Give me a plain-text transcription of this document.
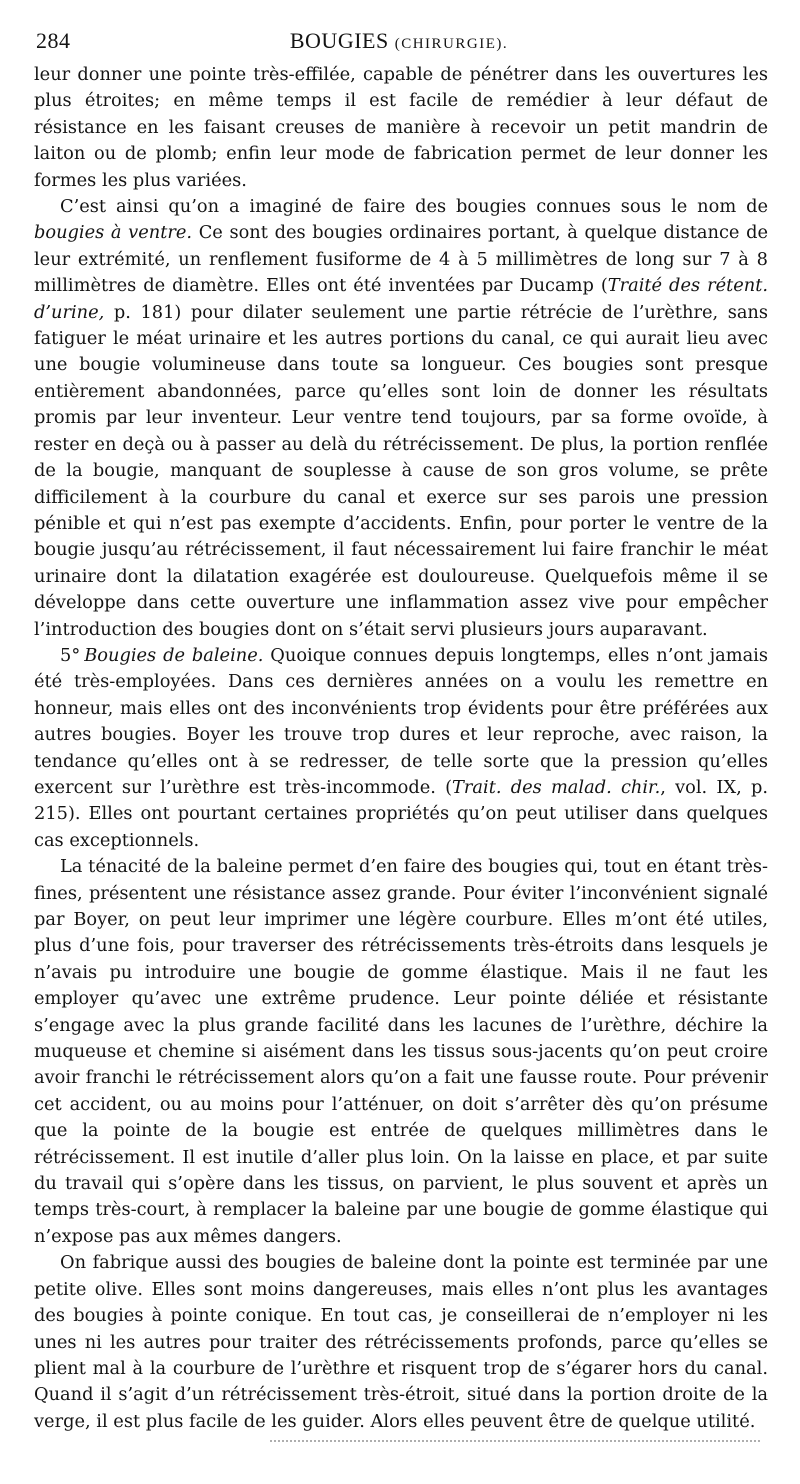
284	BOUGIES (CHIRURGIE).

leur donner une pointe très-effilée, capable de pénétrer dans les ouvertures les plus étroites; en même temps il est facile de remédier à leur défaut de résistance en les faisant creuses de manière à recevoir un petit mandrin de laiton ou de plomb; enfin leur mode de fabrication permet de leur donner les formes les plus variées.

C’est ainsi qu’on a imaginé de faire des bougies connues sous le nom de bougies à ventre. Ce sont des bougies ordinaires portant, à quelque distance de leur extrémité, un renflement fusiforme de 4 à 5 millimètres de long sur 7 à 8 millimètres de diamètre. Elles ont été inventées par Ducamp (Traité des rétent. d’urine, p. 181) pour dilater seulement une partie rétrécie de l’urèthre, sans fatiguer le méat urinaire et les autres portions du canal, ce qui aurait lieu avec une bougie volumineuse dans toute sa longueur. Ces bougies sont presque entièrement abandonnées, parce qu’elles sont loin de donner les résultats promis par leur inventeur. Leur ventre tend toujours, par sa forme ovoïde, à rester en deçà ou à passer au delà du rétrécissement. De plus, la portion renflée de la bougie, manquant de souplesse à cause de son gros volume, se prête difficilement à la courbure du canal et exerce sur ses parois une pression pénible et qui n’est pas exempte d’accidents. Enfin, pour porter le ventre de la bougie jusqu’au rétrécissement, il faut nécessairement lui faire franchir le méat urinaire dont la dilatation exagérée est douloureuse. Quelquefois même il se développe dans cette ouverture une inflammation assez vive pour empêcher l’introduction des bougies dont on s’était servi plusieurs jours auparavant.

5° Bougies de baleine. Quoique connues depuis longtemps, elles n’ont jamais été très-employées. Dans ces dernières années on a voulu les remettre en honneur, mais elles ont des inconvénients trop évidents pour être préférées aux autres bougies. Boyer les trouve trop dures et leur reproche, avec raison, la tendance qu’elles ont à se redresser, de telle sorte que la pression qu’elles exercent sur l’urèthre est très-incommode. (Trait. des malad. chir., vol. IX, p. 215). Elles ont pourtant certaines propriétés qu’on peut utiliser dans quelques cas exceptionnels.

La ténacité de la baleine permet d’en faire des bougies qui, tout en étant très-fines, présentent une résistance assez grande. Pour éviter l’inconvénient signalé par Boyer, on peut leur imprimer une légère courbure. Elles m’ont été utiles, plus d’une fois, pour traverser des rétrécissements très-étroits dans lesquels je n’avais pu introduire une bougie de gomme élastique. Mais il ne faut les employer qu’avec une extrême prudence. Leur pointe déliée et résistante s’engage avec la plus grande facilité dans les lacunes de l’urèthre, déchire la muqueuse et chemine si aisément dans les tissus sous-jacents qu’on peut croire avoir franchi le rétrécissement alors qu’on a fait une fausse route. Pour prévenir cet accident, ou au moins pour l’atténuer, on doit s’arrêter dès qu’on présume que la pointe de la bougie est entrée de quelques millimètres dans le rétrécissement. Il est inutile d’aller plus loin. On la laisse en place, et par suite du travail qui s’opère dans les tissus, on parvient, le plus souvent et après un temps très-court, à remplacer la baleine par une bougie de gomme élastique qui n’expose pas aux mêmes dangers.

On fabrique aussi des bougies de baleine dont la pointe est terminée par une petite olive. Elles sont moins dangereuses, mais elles n’ont plus les avantages des bougies à pointe conique. En tout cas, je conseillerai de n’employer ni les unes ni les autres pour traiter des rétrécissements profonds, parce qu’elles se plient mal à la courbure de l’urèthre et risquent trop de s’égarer hors du canal. Quand il s’agit d’un rétrécissement très-étroit, situé dans la portion droite de la verge, il est plus facile de les guider. Alors elles peuvent être de quelque utilité.
